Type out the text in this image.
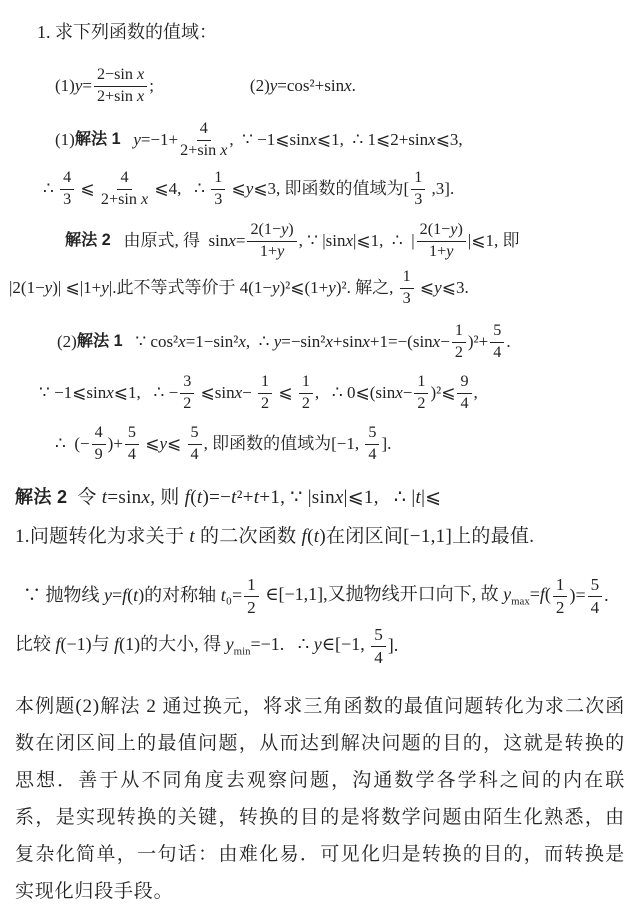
1. 求下列函数的值域：
$(1)y= \frac{\text{2−sin x}}{\text{2+sin x}}$ ;	(2)y=cos²+sinx.
(1) 解法 1 $y=-1+ \frac{4}{\text{2+sin x}}$ ,  ∵ −1⩽sinx⩽1,  ∴ 1⩽2+sinx⩽3,
∴ $\frac{4}{3}$ ⩽ $\frac{4}{\text{2+sin x}}$ ⩽4,   ∴ $\frac{1}{3}$ ⩽y⩽3, 即函数的值域为[ $\frac{1}{3} ,3$].
解法 2 由原式, 得  $\sin x= \frac{2(1-y)}{1+y}$ , ∵ |sinx|⩽1,  ∴  | $\frac{2(1-y)}{1+y}$ |⩽1, 即
|2(1−y)| ⩽|1+y|.此不等式等价于 4(1−y)²⩽(1+y)². 解之, $\frac{1}{3}$ ⩽y⩽3.
(2) 解法 1 ∵ cos²x=1−sin²x,  ∴ $y=-\sin^2x+\sin x+1=-(\sin x- \frac{1}{2} )^2+ \frac{5}{4}$ .
∵ −1⩽sinx⩽1,   ∴ − $\frac{3}{2}$ ⩽sinx− $\frac{1}{2}$ ⩽ $\frac{1}{2}$ ,   ∴ 0⩽(sinx− $\frac{1}{2}$ )²⩽ $\frac{9}{4}$ ,
∴  (− $\frac{4}{9}$ )+ $\frac{5}{4}$ ⩽y⩽ $\frac{5}{4}$ , 即函数的值域为[−1, $\frac{5}{4}$ ].
解法 2 令 t=sinx, 则 f(t)=−t²+t+1, ∵ |sinx|⩽1,   ∴ |t|⩽
1.问题转化为求关于 t 的二次函数 f(t)在闭区间[−1,1]上的最值.
∵ 抛物线 y=f(t)的对称轴 $t_0= \frac{1}{2}$ ∈[−1,1],又抛物线开口向下, 故 $y_{max}=f( \frac{1}{2}$ )= $\frac{5}{4}$ .
比较 f(−1)与 f(1)的大小, 得 $y_{min}=-1$.   ∴ y∈[−1, $\frac{5}{4}$ ].

本例题(2)解法 2 通过换元，将求三角函数的最值问题转化为求二次函数在闭区间上的最值问题，从而达到解决问题的目的，这就是转换的思想．善于从不同角度去观察问题，沟通数学各学科之间的内在联系，是实现转换的关键，转换的目的是将数学问题由陌生化熟悉，由复杂化简单，一句话：由难化易．可见化归是转换的目的，而转换是实现化归段手段。
